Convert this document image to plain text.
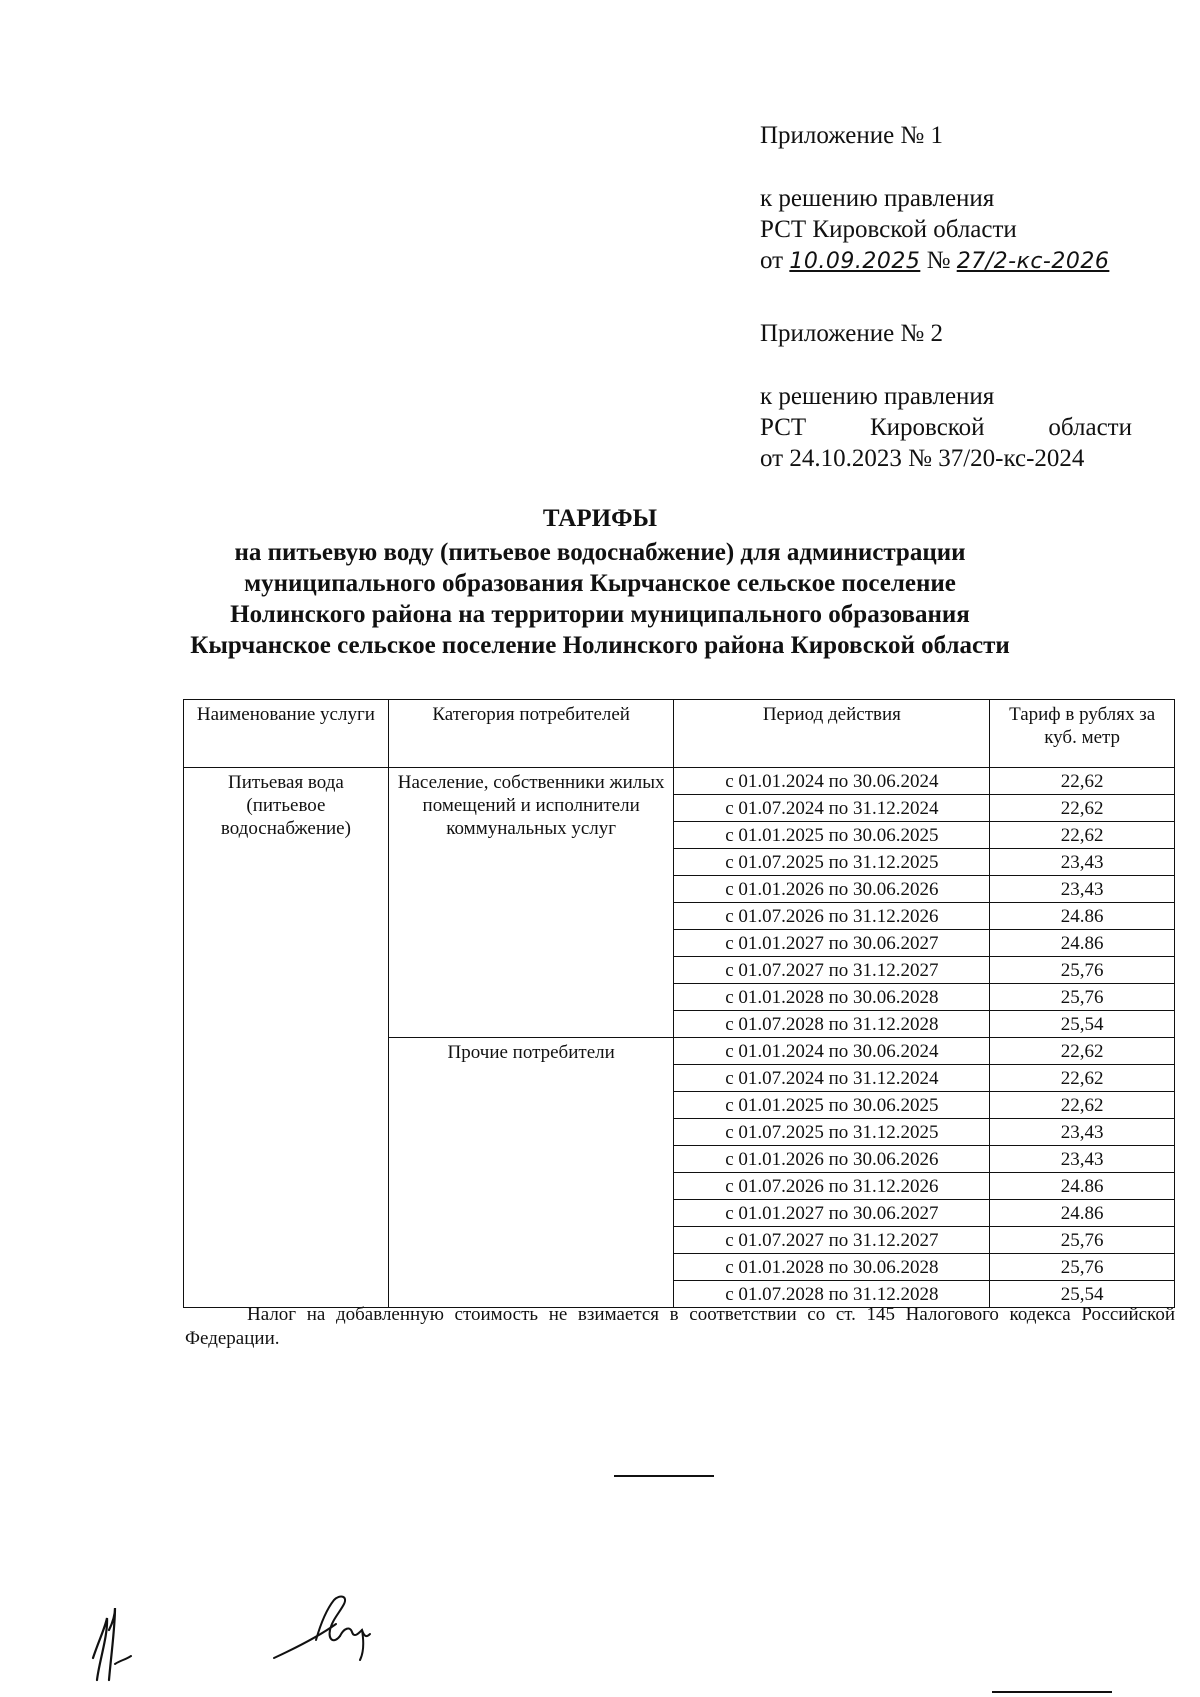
Приложение № 1
к решению правления
РСТ Кировской области
от 10.09.2025 № 27/2-кс-2026
Приложение № 2
к решению правления
РСТ	Кировской	области
от 24.10.2023 № 37/20-кс-2024
ТАРИФЫ
на питьевую воду (питьевое водоснабжение) для администрации
муниципального образования Кырчанское сельское поселение
Нолинского района на территории муниципального образования
Кырчанское сельское поселение Нолинского района Кировской области
Наименование услуги	Категория потребителей	Период действия	Тариф в рублях за куб. метр
Питьевая вода (питьевое водоснабжение)	Население, собственники жилых помещений и исполнители коммунальных услуг	с 01.01.2024 по 30.06.2024	22,62
		с 01.07.2024 по 31.12.2024	22,62
		с 01.01.2025 по 30.06.2025	22,62
		с 01.07.2025 по 31.12.2025	23,43
		с 01.01.2026 по 30.06.2026	23,43
		с 01.07.2026 по 31.12.2026	24.86
		с 01.01.2027 по 30.06.2027	24.86
		с 01.07.2027 по 31.12.2027	25,76
		с 01.01.2028 по 30.06.2028	25,76
		с 01.07.2028 по 31.12.2028	25,54
	Прочие потребители	с 01.01.2024 по 30.06.2024	22,62
		с 01.07.2024 по 31.12.2024	22,62
		с 01.01.2025 по 30.06.2025	22,62
		с 01.07.2025 по 31.12.2025	23,43
		с 01.01.2026 по 30.06.2026	23,43
		с 01.07.2026 по 31.12.2026	24.86
		с 01.01.2027 по 30.06.2027	24.86
		с 01.07.2027 по 31.12.2027	25,76
		с 01.01.2028 по 30.06.2028	25,76
		с 01.07.2028 по 31.12.2028	25,54
Налог на добавленную стоимость не взимается в соответствии со ст. 145 Налогового кодекса Российской Федерации.
